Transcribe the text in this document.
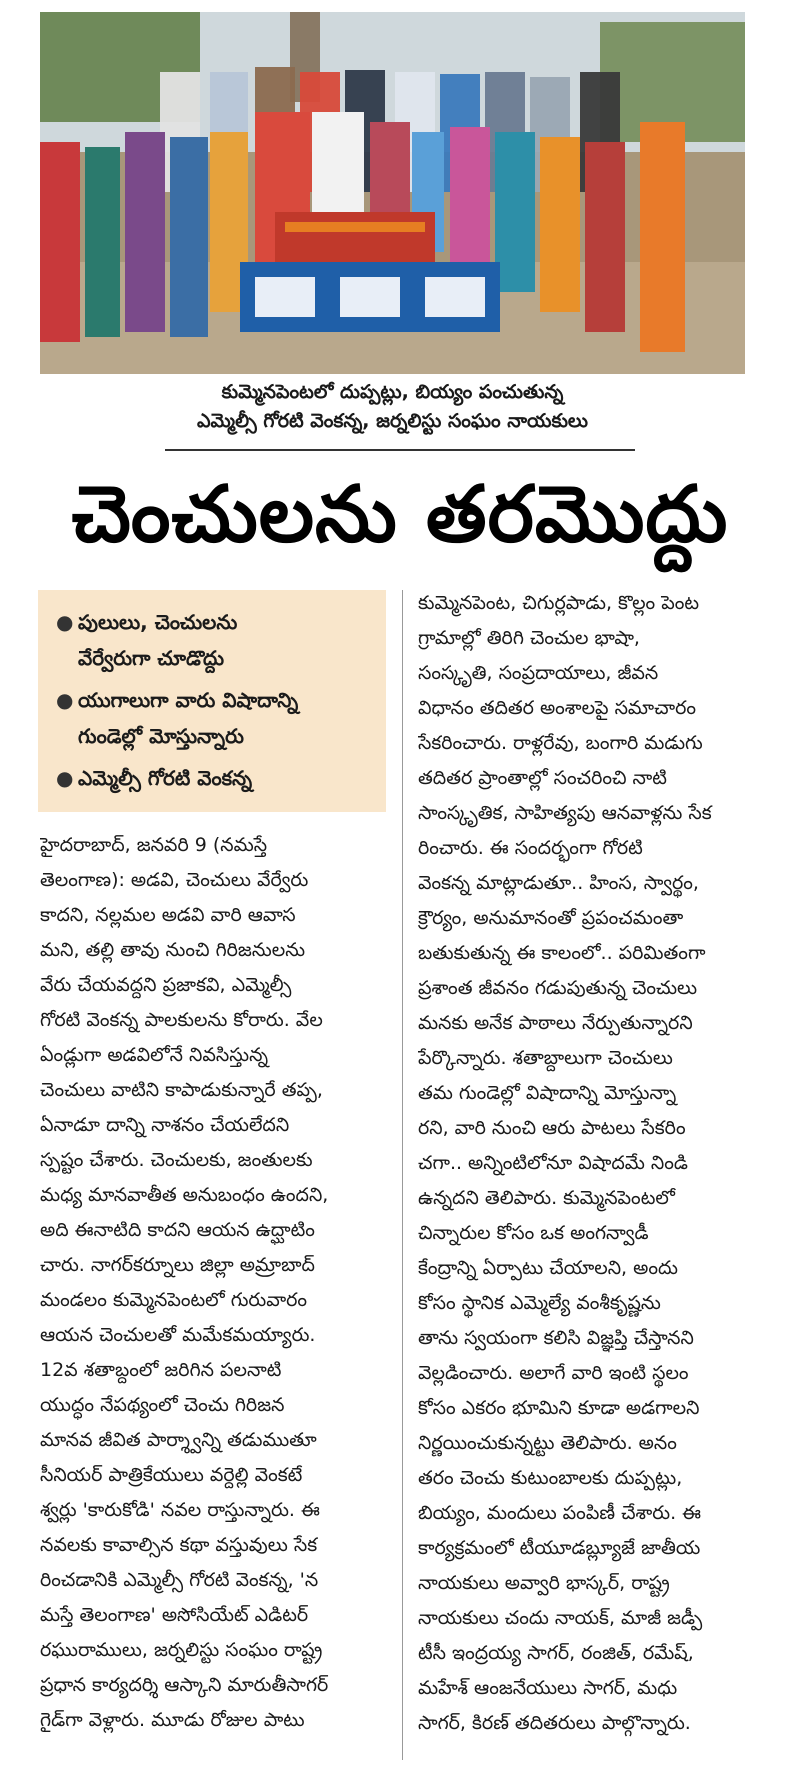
కుమ్మెనపెంటలో దుప్పట్లు, బియ్యం పంచుతున్న
ఎమ్మెల్సీ గోరటి వెంకన్న, జర్నలిస్టు సంఘం నాయకులు
చెంచులను తరమొద్దు
● పులులు, చెంచులను
వేర్వేరుగా చూడొద్దు
● యుగాలుగా వారు విషాదాన్ని
గుండెల్లో మోస్తున్నారు
● ఎమ్మెల్సీ గోరటి వెంకన్న
హైదరాబాద్, జనవరి 9 (నమస్తే
తెలంగాణ): అడవి, చెంచులు వేర్వేరు
కాదని, నల్లమల అడవి వారి ఆవాస
మని, తల్లి తావు నుంచి గిరిజనులను
వేరు చేయవద్దని ప్రజాకవి, ఎమ్మెల్సీ
గోరటి వెంకన్న పాలకులను కోరారు. వేల
ఏండ్లుగా అడవిలోనే నివసిస్తున్న
చెంచులు వాటిని కాపాడుకున్నారే తప్ప,
ఏనాడూ దాన్ని నాశనం చేయలేదని
స్పష్టం చేశారు. చెంచులకు, జంతులకు
మధ్య మానవాతీత అనుబంధం ఉందని,
అది ఈనాటిది కాదని ఆయన ఉద్ఘాటిం
చారు. నాగర్‌కర్నూలు జిల్లా అమ్రాబాద్
మండలం కుమ్మెనపెంటలో గురువారం
ఆయన చెంచులతో మమేకమయ్యారు.
12వ శతాబ్దంలో జరిగిన పలనాటి
యుద్ధం నేపథ్యంలో చెంచు గిరిజన
మానవ జీవిత పార్శ్వాన్ని తడుముతూ
సీనియర్ పాత్రికేయులు వర్దెల్లి వెంకటే
శ్వర్లు 'కారుకోడి' నవల రాస్తున్నారు. ఈ
నవలకు కావాల్సిన కథా వస్తువులు సేక
రించడానికి ఎమ్మెల్సీ గోరటి వెంకన్న, 'న
మస్తే తెలంగాణ' అసోసియేట్ ఎడిటర్
రఘురాములు, జర్నలిస్టు సంఘం రాష్ట్ర
ప్రధాన కార్యదర్శి ఆస్కాని మారుతీసాగర్
గైడ్‌గా వెళ్లారు. మూడు రోజుల పాటు
కుమ్మెనపెంట, చిగుర్లపాడు, కొల్లం పెంట
గ్రామాల్లో తిరిగి చెంచుల భాషా,
సంస్కృతి, సంప్రదాయాలు, జీవన
విధానం తదితర అంశాలపై సమాచారం
సేకరించారు. రాళ్లరేవు, బంగారి మడుగు
తదితర ప్రాంతాల్లో సంచరించి నాటి
సాంస్కృతిక, సాహిత్యపు ఆనవాళ్లను సేక
రించారు. ఈ సందర్భంగా గోరటి
వెంకన్న మాట్లాడుతూ.. హింస, స్వార్థం,
క్రౌర్యం, అనుమానంతో ప్రపంచమంతా
బతుకుతున్న ఈ కాలంలో.. పరిమితంగా
ప్రశాంత జీవనం గడుపుతున్న చెంచులు
మనకు అనేక పాఠాలు నేర్పుతున్నారని
పేర్కొన్నారు. శతాబ్దాలుగా చెంచులు
తమ గుండెల్లో విషాదాన్ని మోస్తున్నా
రని, వారి నుంచి ఆరు పాటలు సేకరిం
చగా.. అన్నింటిలోనూ విషాదమే నిండి
ఉన్నదని తెలిపారు. కుమ్మెనపెంటలో
చిన్నారుల కోసం ఒక అంగన్వాడీ
కేంద్రాన్ని ఏర్పాటు చేయాలని, అందు
కోసం స్థానిక ఎమ్మెల్యే వంశీకృష్ణను
తాను స్వయంగా కలిసి విజ్ఞప్తి చేస్తానని
వెల్లడించారు. అలాగే వారి ఇంటి స్థలం
కోసం ఎకరం భూమిని కూడా అడగాలని
నిర్ణయించుకున్నట్టు తెలిపారు. అనం
తరం చెంచు కుటుంబాలకు దుప్పట్లు,
బియ్యం, మందులు పంపిణీ చేశారు. ఈ
కార్యక్రమంలో టీయూడబ్ల్యూజే జాతీయ
నాయకులు అవ్వారి భాస్కర్, రాష్ట్ర
నాయకులు చందు నాయక్, మాజీ జడ్పీ
టీసీ ఇంద్రయ్య సాగర్, రంజిత్, రమేష్,
మహేశ్ ఆంజనేయులు సాగర్, మధు
సాగర్, కిరణ్ తదితరులు పాల్గొన్నారు.
